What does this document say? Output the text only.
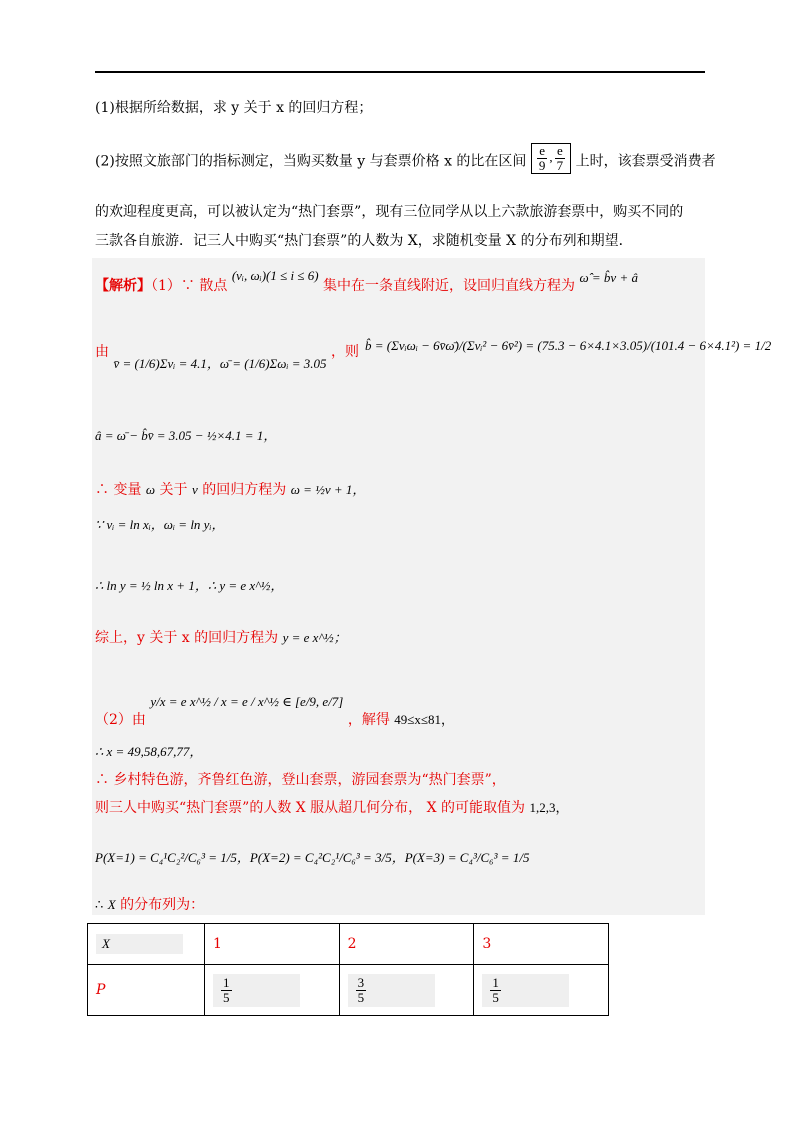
(1)根据所给数据，求 y 关于 x 的回归方程；
(2)按照文旅部门的指标测定，当购买数量 y 与套票价格 x 的比在区间 $\frac{e}{9}$ , $\frac{e}{7}$ 上时，该套票受消费者
的欢迎程度更高，可以被认定为“热门套票”，现有三位同学从以上六款旅游套票中，购买不同的
三款各自旅游．记三人中购买“热门套票”的人数为 X，求随机变量 X 的分布列和期望．
【解析】（1）∵ 散点 (vᵢ, ωᵢ)(1 ≤ i ≤ 6) 集中在一条直线附近，设回归直线方程为 ω̂ = b̂v + â
由 v̄ = (1/6)Σvᵢ = 4.1，ω̄ = (1/6)Σωᵢ = 3.05 ，则 b̂ = (Σvᵢωᵢ − 6v̄ω̄)/(Σvᵢ² − 6v̄²) = (75.3 − 6×4.1×3.05)/(101.4 − 6×4.1²) = 1/2
â = ω̄ − b̂v̄ = 3.05 − ½×4.1 = 1，
∴ 变量 ω 关于 v 的回归方程为 ω = ½v + 1，
∵ vᵢ = ln xᵢ，ωᵢ = ln yᵢ，
∴ ln y = ½ ln x + 1，∴ y = e x^½，
综上，y 关于 x 的回归方程为 y = e x^½；
（2）由 y/x = e x^½ / x = e / x^½ ∈ [e/9, e/7] ，解得 49≤x≤81，
∴ x = 49,58,67,77，
∴ 乡村特色游，齐鲁红色游，登山套票，游园套票为“热门套票”，
则三人中购买“热门套票”的人数 X 服从超几何分布， X 的可能取值为 1,2,3，
P(X=1) = C₄¹C₂²/C₆³ = 1/5，P(X=2) = C₄²C₂¹/C₆³ = 3/5，P(X=3) = C₄³/C₆³ = 1/5
∴ X 的分布列为：
X	1	2	3
P	$\frac{1}{5}$	$\frac{3}{5}$	$\frac{1}{5}$
